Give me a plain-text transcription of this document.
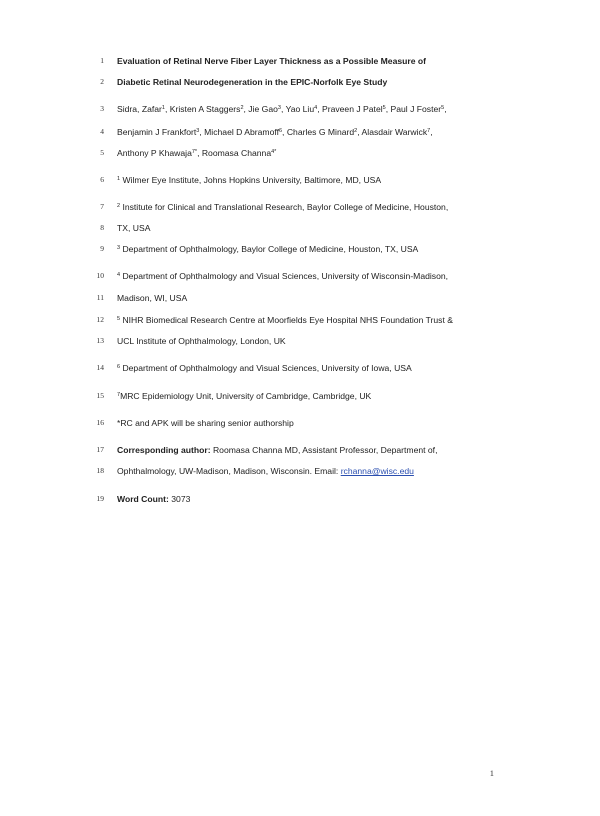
1 Evaluation of Retinal Nerve Fiber Layer Thickness as a Possible Measure of
2 Diabetic Retinal Neurodegeneration in the EPIC-Norfolk Eye Study
3 Sidra, Zafar$^1$, Kristen A Staggers$^2$, Jie Gao$^3$, Yao Liu$^4$, Praveen J Patel$^5$, Paul J Foster$^5$,
4 Benjamin J Frankfort$^3$, Michael D Abramoff$^6$, Charles G Minard$^2$, Alasdair Warwick$^7$,
5 Anthony P Khawaja$^{7*}$, Roomasa Channa$^{4*}$
6 $^1$ Wilmer Eye Institute, Johns Hopkins University, Baltimore, MD, USA
7 $^2$ Institute for Clinical and Translational Research, Baylor College of Medicine, Houston,
8 TX, USA
9 $^3$ Department of Ophthalmology, Baylor College of Medicine, Houston, TX, USA
10 $^4$ Department of Ophthalmology and Visual Sciences, University of Wisconsin-Madison,
11 Madison, WI, USA
12 $^5$ NIHR Biomedical Research Centre at Moorfields Eye Hospital NHS Foundation Trust &
13 UCL Institute of Ophthalmology, London, UK
14 $^6$ Department of Ophthalmology and Visual Sciences, University of Iowa, USA
15 $^7$MRC Epidemiology Unit, University of Cambridge, Cambridge, UK
16 *RC and APK will be sharing senior authorship
17 Corresponding author: Roomasa Channa MD, Assistant Professor, Department of,
18 Ophthalmology, UW-Madison, Madison, Wisconsin. Email: rchanna@wisc.edu
19 Word Count: 3073
1
